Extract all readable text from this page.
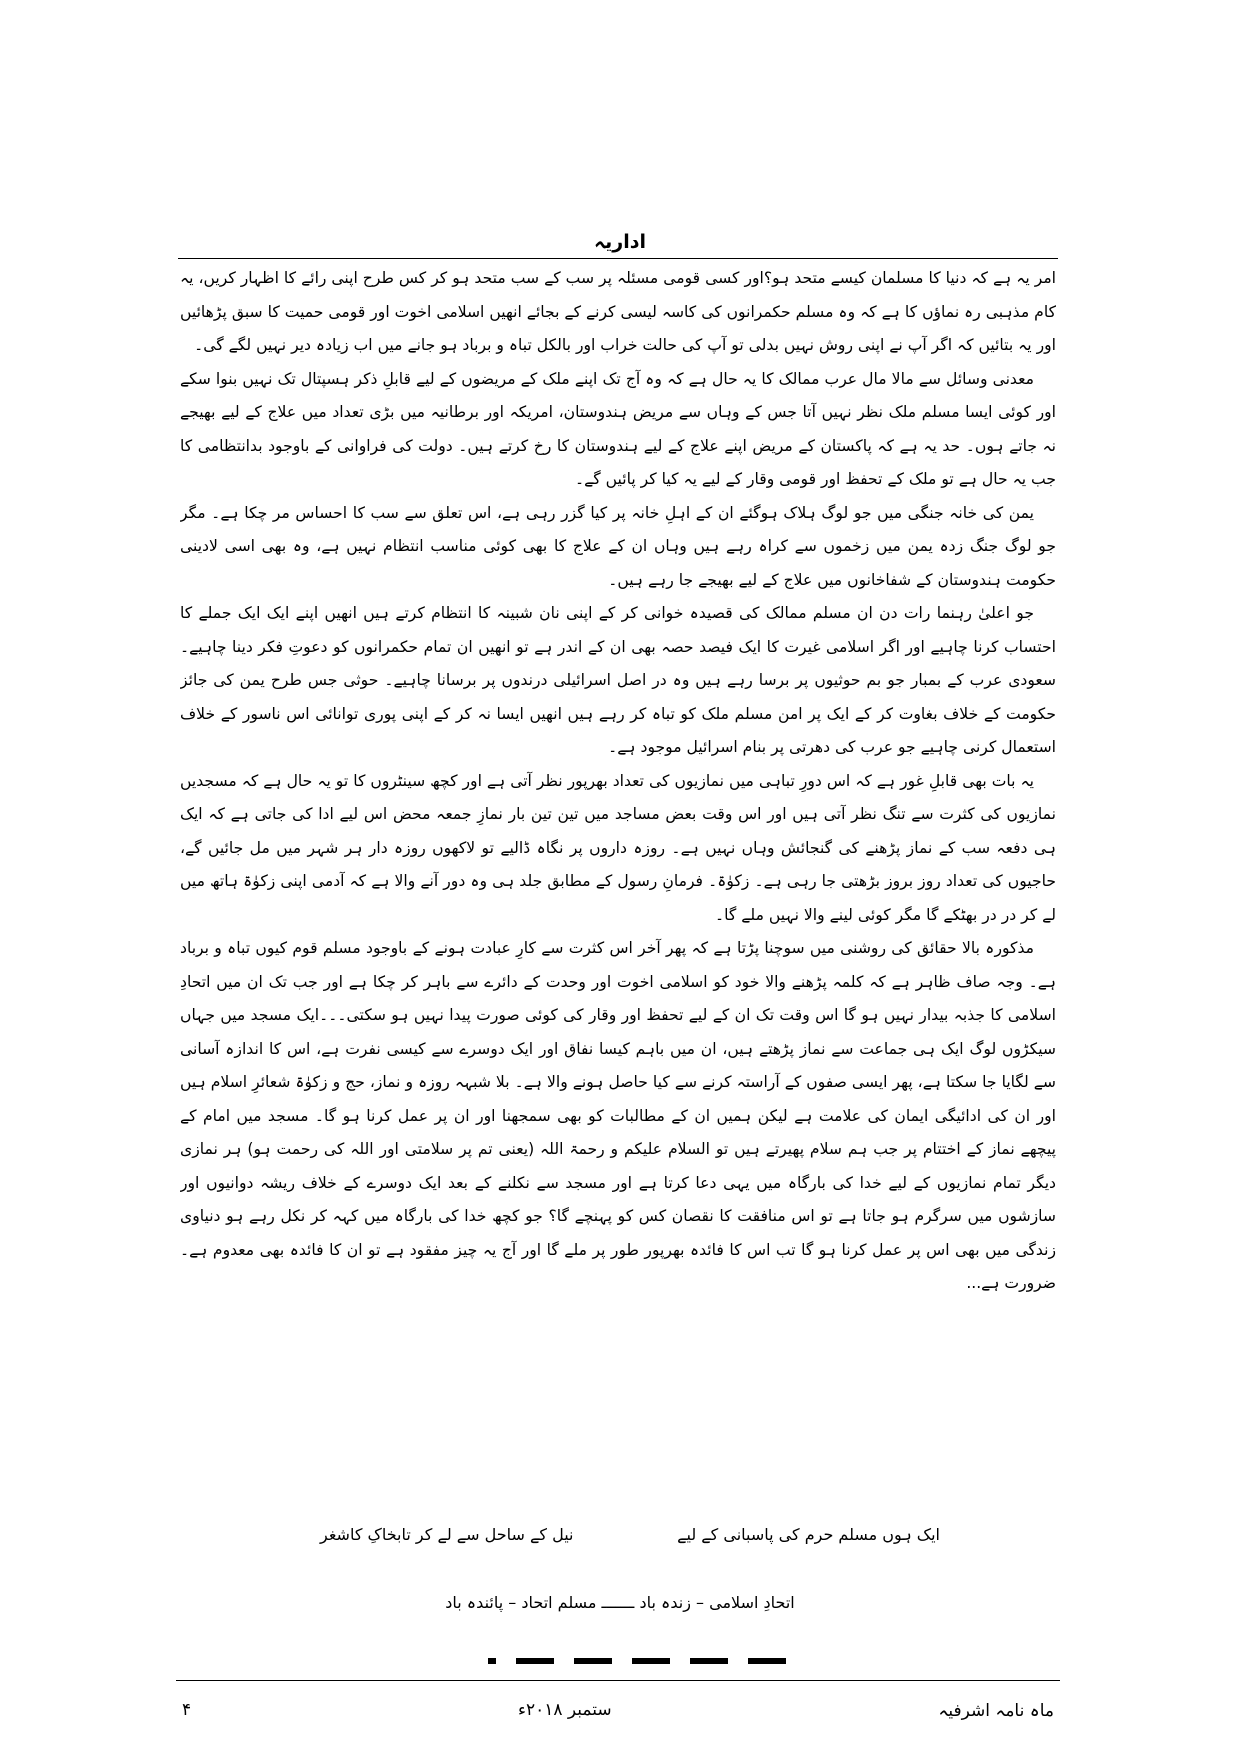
اداریہ

امر یہ ہے کہ دنیا کا مسلمان کیسے متحد ہو؟اور کسی قومی مسئلہ پر سب کے سب متحد ہو کر کس طرح اپنی رائے کا اظہار کریں، یہ کام مذہبی رہ نماؤں کا ہے کہ وہ مسلم حکمرانوں کی کاسہ لیسی کرنے کے بجائے انھیں اسلامی اخوت اور قومی حمیت کا سبق پڑھائیں اور یہ بتائیں کہ اگر آپ نے اپنی روش نہیں بدلی تو آپ کی حالت خراب اور بالکل تباہ و برباد ہو جانے میں اب زیادہ دیر نہیں لگے گی۔

معدنی وسائل سے مالا مال عرب ممالک کا یہ حال ہے کہ وہ آج تک اپنے ملک کے مریضوں کے لیے قابلِ ذکر ہسپتال تک نہیں بنوا سکے اور کوئی ایسا مسلم ملک نظر نہیں آتا جس کے وہاں سے مریض ہندوستان، امریکہ اور برطانیہ میں بڑی تعداد میں علاج کے لیے بھیجے نہ جاتے ہوں۔ حد یہ ہے کہ پاکستان کے مریض اپنے علاج کے لیے ہندوستان کا رخ کرتے ہیں۔ دولت کی فراوانی کے باوجود بدانتظامی کا جب یہ حال ہے تو ملک کے تحفظ اور قومی وقار کے لیے یہ کیا کر پائیں گے۔

یمن کی خانہ جنگی میں جو لوگ ہلاک ہوگئے ان کے اہلِ خانہ پر کیا گزر رہی ہے، اس تعلق سے سب کا احساس مر چکا ہے۔ مگر جو لوگ جنگ زدہ یمن میں زخموں سے کراہ رہے ہیں وہاں ان کے علاج کا بھی کوئی مناسب انتظام نہیں ہے، وہ بھی اسی لادینی حکومت ہندوستان کے شفاخانوں میں علاج کے لیے بھیجے جا رہے ہیں۔

جو اعلیٰ رہنما رات دن ان مسلم ممالک کی قصیدہ خوانی کر کے اپنی نان شبینہ کا انتظام کرتے ہیں انھیں اپنے ایک ایک جملے کا احتساب کرنا چاہیے اور اگر اسلامی غیرت کا ایک فیصد حصہ بھی ان کے اندر ہے تو انھیں ان تمام حکمرانوں کو دعوتِ فکر دینا چاہیے۔ سعودی عرب کے بمبار جو بم حوثیوں پر برسا رہے ہیں وہ در اصل اسرائیلی درندوں پر برسانا چاہیے۔ حوثی جس طرح یمن کی جائز حکومت کے خلاف بغاوت کر کے ایک پر امن مسلم ملک کو تباہ کر رہے ہیں انھیں ایسا نہ کر کے اپنی پوری توانائی اس ناسور کے خلاف استعمال کرنی چاہیے جو عرب کی دھرتی پر بنام اسرائیل موجود ہے۔

یہ بات بھی قابلِ غور ہے کہ اس دورِ تباہی میں نمازیوں کی تعداد بھرپور نظر آتی ہے اور کچھ سینٹروں کا تو یہ حال ہے کہ مسجدیں نمازیوں کی کثرت سے تنگ نظر آتی ہیں اور اس وقت بعض مساجد میں تین تین بار نمازِ جمعہ محض اس لیے ادا کی جاتی ہے کہ ایک ہی دفعہ سب کے نماز پڑھنے کی گنجائش وہاں نہیں ہے۔ روزہ داروں پر نگاہ ڈالیے تو لاکھوں روزہ دار ہر شہر میں مل جائیں گے، حاجیوں کی تعداد روز بروز بڑھتی جا رہی ہے۔ زکوٰۃ۔ فرمانِ رسول کے مطابق جلد ہی وہ دور آنے والا ہے کہ آدمی اپنی زکوٰۃ ہاتھ میں لے کر در در بھٹکے گا مگر کوئی لینے والا نہیں ملے گا۔

مذکورہ بالا حقائق کی روشنی میں سوچنا پڑتا ہے کہ پھر آخر اس کثرت سے کارِ عبادت ہونے کے باوجود مسلم قوم کیوں تباہ و برباد ہے۔ وجہ صاف ظاہر ہے کہ کلمہ پڑھنے والا خود کو اسلامی اخوت اور وحدت کے دائرے سے باہر کر چکا ہے اور جب تک ان میں اتحادِ اسلامی کا جذبہ بیدار نہیں ہو گا اس وقت تک ان کے لیے تحفظ اور وقار کی کوئی صورت پیدا نہیں ہو سکتی۔۔۔ایک مسجد میں جہاں سیکڑوں لوگ ایک ہی جماعت سے نماز پڑھتے ہیں، ان میں باہم کیسا نفاق اور ایک دوسرے سے کیسی نفرت ہے، اس کا اندازہ آسانی سے لگایا جا سکتا ہے، پھر ایسی صفوں کے آراستہ کرنے سے کیا حاصل ہونے والا ہے۔ بلا شبہہ روزہ و نماز، حج و زکوٰۃ شعائرِ اسلام ہیں اور ان کی ادائیگی ایمان کی علامت ہے لیکن ہمیں ان کے مطالبات کو بھی سمجھنا اور ان پر عمل کرنا ہو گا۔ مسجد میں امام کے پیچھے نماز کے اختتام پر جب ہم سلام پھیرتے ہیں تو السلام علیکم و رحمۃ اللہ (یعنی تم پر سلامتی اور اللہ کی رحمت ہو) ہر نمازی دیگر تمام نمازیوں کے لیے خدا کی بارگاہ میں یہی دعا کرتا ہے اور مسجد سے نکلنے کے بعد ایک دوسرے کے خلاف ریشہ دوانیوں اور سازشوں میں سرگرم ہو جاتا ہے تو اس منافقت کا نقصان کس کو پہنچے گا؟ جو کچھ خدا کی بارگاہ میں کہہ کر نکل رہے ہو دنیاوی زندگی میں بھی اس پر عمل کرنا ہو گا تب اس کا فائدہ بھرپور طور پر ملے گا اور آج یہ چیز مفقود ہے تو ان کا فائدہ بھی معدوم ہے۔ ضرورت ہے...

ایک ہوں مسلم حرم کی پاسبانی کے لیے
نیل کے ساحل سے لے کر تابخاکِ کاشغر
اتحادِ اسلامی – زندہ باد ـــــــ مسلم اتحاد – پائندہ باد
ماہ نامہ اشرفیہ
ستمبر ۲۰۱۸ء
۴
